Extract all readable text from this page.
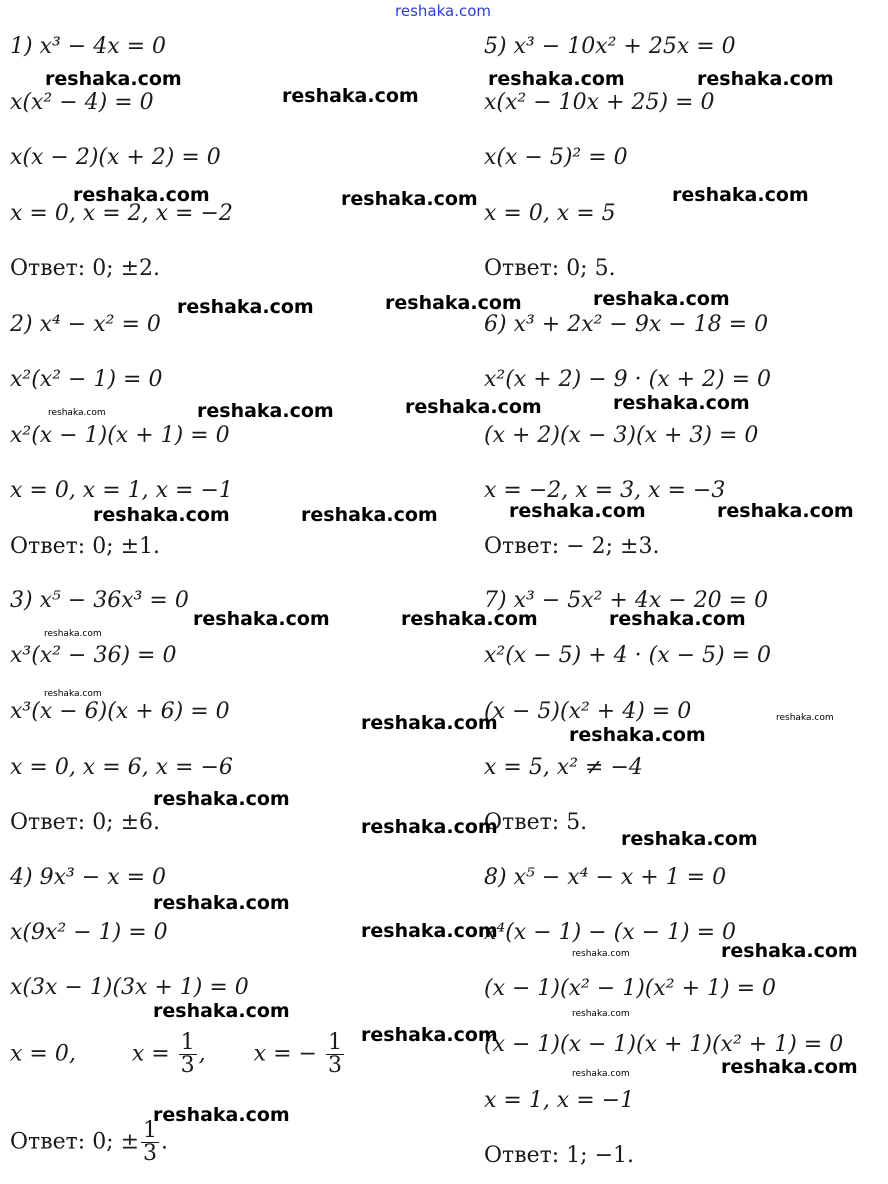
reshaka.com
1) x³ − 4x = 0
x(x² − 4) = 0
x(x − 2)(x + 2) = 0
x = 0, x = 2, x = −2
Ответ: 0; ±2.
2) x⁴ − x² = 0
x²(x² − 1) = 0
x²(x − 1)(x + 1) = 0
x = 0, x = 1, x = −1
Ответ: 0; ±1.
3) x⁵ − 36x³ = 0
x³(x² − 36) = 0
x³(x − 6)(x + 6) = 0
x = 0, x = 6, x = −6
Ответ: 0; ±6.
4) 9x³ − x = 0
x(9x² − 1) = 0
x(3x − 1)(3x + 1) = 0
x = 0,	$x = \frac{1}{3}$ , x = − $\frac{1}{3}$
Ответ: 0; ± $\frac{1}{3}$ .
5) x³ − 10x² + 25x = 0
x(x² − 10x + 25) = 0
x(x − 5)² = 0
x = 0, x = 5
Ответ: 0; 5.
6) x³ + 2x² − 9x − 18 = 0
x²(x + 2) − 9 · (x + 2) = 0
(x + 2)(x − 3)(x + 3) = 0
x = −2, x = 3, x = −3
Ответ: − 2; ±3.
7) x³ − 5x² + 4x − 20 = 0
x²(x − 5) + 4 · (x − 5) = 0
(x − 5)(x² + 4) = 0
x = 5, x² ≠ −4
Ответ: 5.
8) x⁵ − x⁴ − x + 1 = 0
x⁴(x − 1) − (x − 1) = 0
(x − 1)(x² − 1)(x² + 1) = 0
(x − 1)(x − 1)(x + 1)(x² + 1) = 0
x = 1, x = −1
Ответ: 1; −1.
reshaka.com
reshaka.com
reshaka.com	reshaka.com
reshaka.com	reshaka.com	reshaka.com
reshaka.com	reshaka.com	reshaka.com
reshaka.com	reshaka.com	reshaka.com
reshaka.com	reshaka.com	reshaka.com	reshaka.com
reshaka.com	reshaka.com	reshaka.com
reshaka.com
reshaka.com
reshaka.com
reshaka.com
reshaka.com
reshaka.com
reshaka.com
reshaka.com
reshaka.com
reshaka.com
reshaka.com
reshaka.com
reshaka.com
reshaka.com
reshaka.com
reshaka.com
reshaka.com
reshaka.com
reshaka.com
